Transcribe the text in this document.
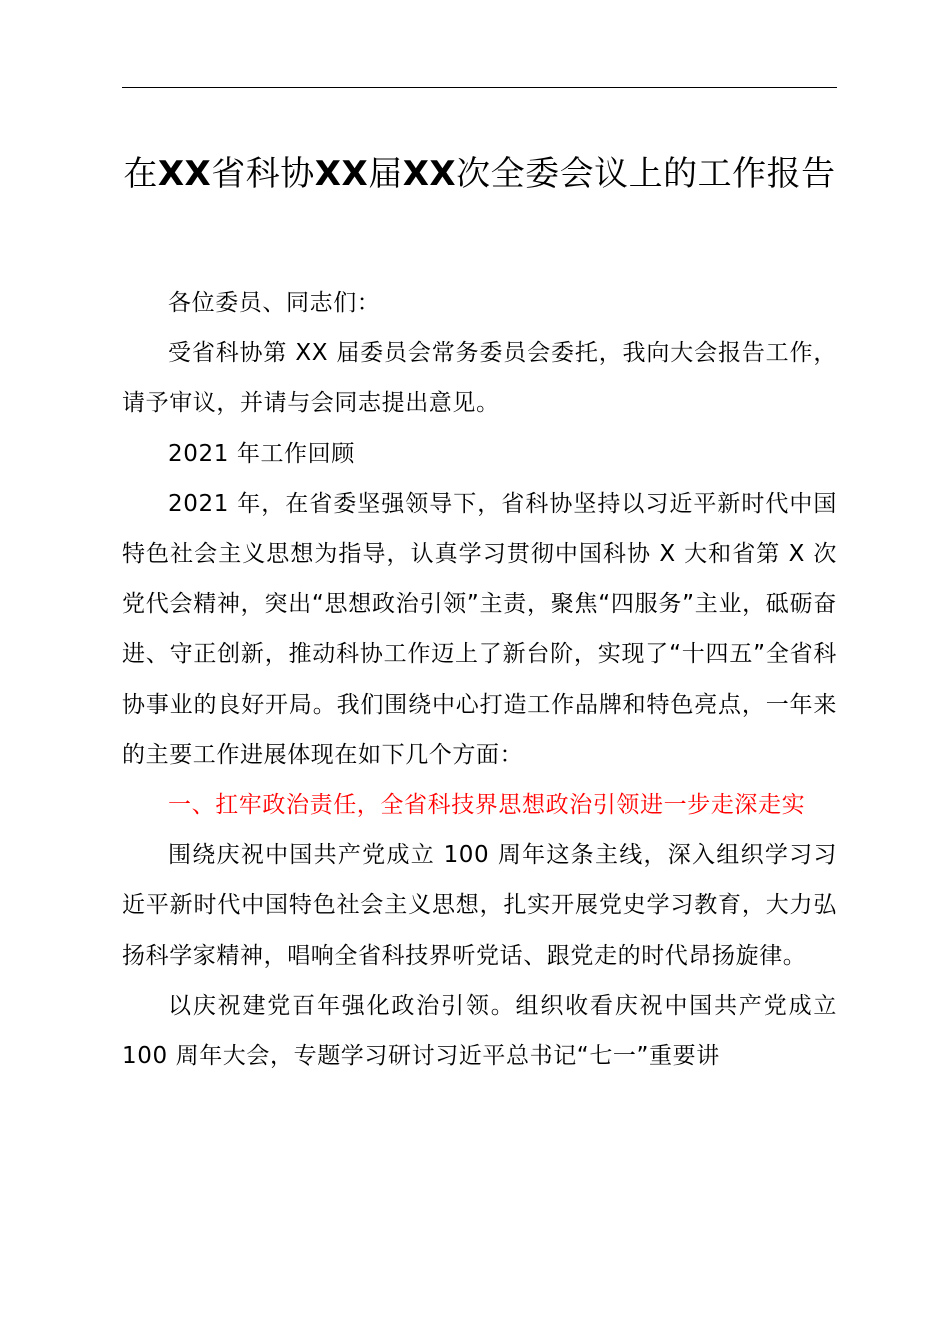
在XX省科协XX届XX次全委会议上的工作报告

各位委员、同志们：

受省科协第 XX 届委员会常务委员会委托，我向大会报告工作，请予审议，并请与会同志提出意见。

2021 年工作回顾

2021 年，在省委坚强领导下，省科协坚持以习近平新时代中国特色社会主义思想为指导，认真学习贯彻中国科协 X 大和省第 X 次党代会精神，突出“思想政治引领”主责，聚焦“四服务”主业，砥砺奋进、守正创新，推动科协工作迈上了新台阶，实现了“十四五”全省科协事业的良好开局。我们围绕中心打造工作品牌和特色亮点，一年来的主要工作进展体现在如下几个方面：

一、扛牢政治责任，全省科技界思想政治引领进一步走深走实

围绕庆祝中国共产党成立 100 周年这条主线，深入组织学习习近平新时代中国特色社会主义思想，扎实开展党史学习教育，大力弘扬科学家精神，唱响全省科技界听党话、跟党走的时代昂扬旋律。

以庆祝建党百年强化政治引领。组织收看庆祝中国共产党成立 100 周年大会，专题学习研讨习近平总书记“七一”重要讲
